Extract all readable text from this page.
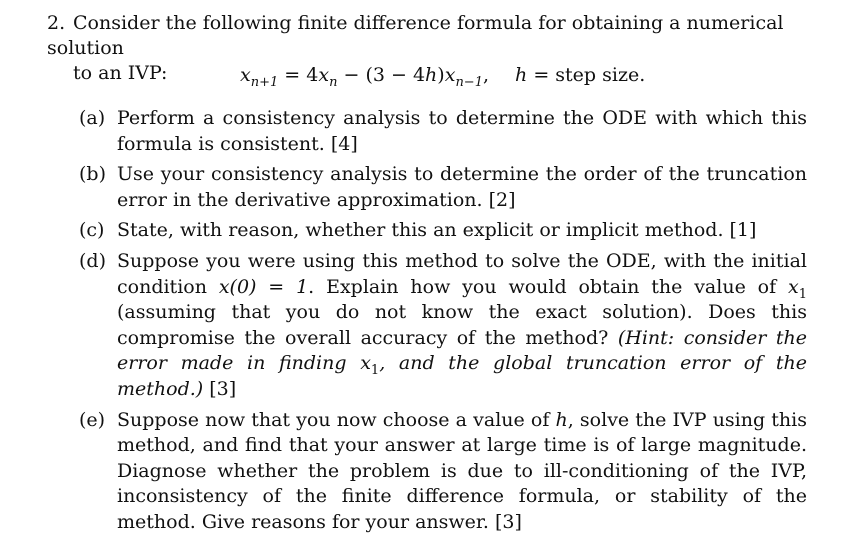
2. Consider the following finite difference formula for obtaining a numerical solution
to an IVP:	$x_{n+1} = 4x_n - (3 - 4h)x_{n-1}$, h = step size.
(a) Perform a consistency analysis to determine the ODE with which this formula is consistent. [4]
(b) Use your consistency analysis to determine the order of the truncation error in the derivative approximation. [2]
(c) State, with reason, whether this an explicit or implicit method. [1]
(d) Suppose you were using this method to solve the ODE, with the initial condition x(0) = 1. Explain how you would obtain the value of $x_1$ (assuming that you do not know the exact solution). Does this compromise the overall accuracy of the method? (Hint: consider the error made in finding $x_1$, and the global truncation error of the method.) [3]
(e) Suppose now that you now choose a value of h, solve the IVP using this method, and find that your answer at large time is of large magnitude. Diagnose whether the problem is due to ill-conditioning of the IVP, inconsistency of the finite difference formula, or stability of the method. Give reasons for your answer. [3]
